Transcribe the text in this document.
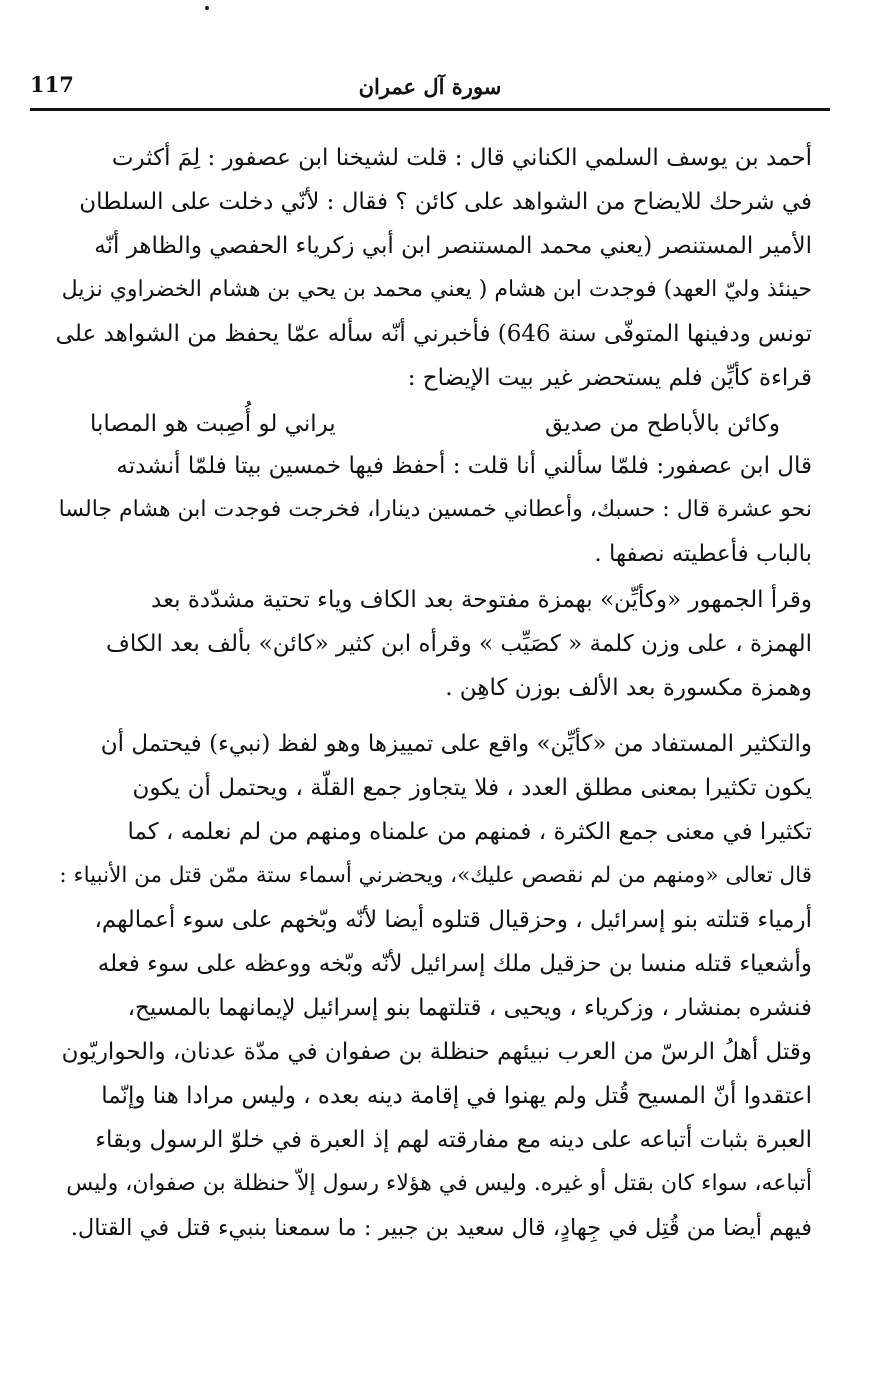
117	سورة آل عمران
أحمد بن يوسف السلمي الكناني قال : قلت لشيخنا ابن عصفور : لِمَ أكثرت
في شرحك للايضاح من الشواهد على كائن ؟ فقال : لأنّي دخلت على السلطان
الأمير المستنصر (يعني محمد المستنصر ابن أبي زكرياء الحفصي والظاهر أنّه
حينئذ وليّ العهد) فوجدت ابن هشام ( يعني محمد بن يحي بن هشام الخضراوي نزيل
تونس ودفينها المتوفّى سنة 646) فأخبرني أنّه سأله عمّا يحفظ من الشواهد على
قراءة كأيِّن فلم يستحضر غير بيت الإيضاح :
وكائن بالأباطح من صديق
يراني لو أُصِبت هو المصابا
قال ابن عصفور: فلمّا سألني أنا قلت : أحفظ فيها خمسين بيتا فلمّا أنشدته
نحو عشرة قال : حسبك، وأعطاني خمسين دينارا، فخرجت فوجدت ابن هشام جالسا
بالباب فأعطيته نصفها .
وقرأ الجمهور «وكأيِّن» بهمزة مفتوحة بعد الكاف وياء تحتية مشدّدة بعد
الهمزة ، على وزن كلمة « كصَيِّب » وقرأه ابن كثير «كائن» بألف بعد الكاف
وهمزة مكسورة بعد الألف بوزن كاهِن .
والتكثير المستفاد من «كأيِّن» واقع على تمييزها وهو لفظ (نبيء) فيحتمل أن
يكون تكثيرا بمعنى مطلق العدد ، فلا يتجاوز جمع القلّة ، ويحتمل أن يكون
تكثيرا في معنى جمع الكثرة ، فمنهم من علمناه ومنهم من لم نعلمه ، كما
قال تعالى «ومنهم من لم نقصص عليك»، ويحضرني أسماء ستة ممّن قتل من الأنبياء :
أرمياء قتلته بنو إسرائيل ، وحزقيال قتلوه أيضا لأنّه وبّخهم على سوء أعمالهم،
وأشعياء قتله منسا بن حزقيل ملك إسرائيل لأنّه وبّخه ووعظه على سوء فعله
فنشره بمنشار ، وزكرياء ، ويحيى ، قتلتهما بنو إسرائيل لإيمانهما بالمسيح،
وقتل أهلُ الرسّ من العرب نبيئهم حنظلة بن صفوان في مدّة عدنان، والحواريّون
اعتقدوا أنّ المسيح قُتل ولم يهنوا في إقامة دينه بعده ، وليس مرادا هنا وإنّما
العبرة بثبات أتباعه على دينه مع مفارقته لهم إذ العبرة في خلوّ الرسول وبقاء
أتباعه، سواء كان بقتل أو غيره. وليس في هؤلاء رسول إلاّ حنظلة بن صفوان، وليس
فيهم أيضا من قُتِل في جِهادٍ، قال سعيد بن جبير : ما سمعنا بنبيء قتل في القتال.
